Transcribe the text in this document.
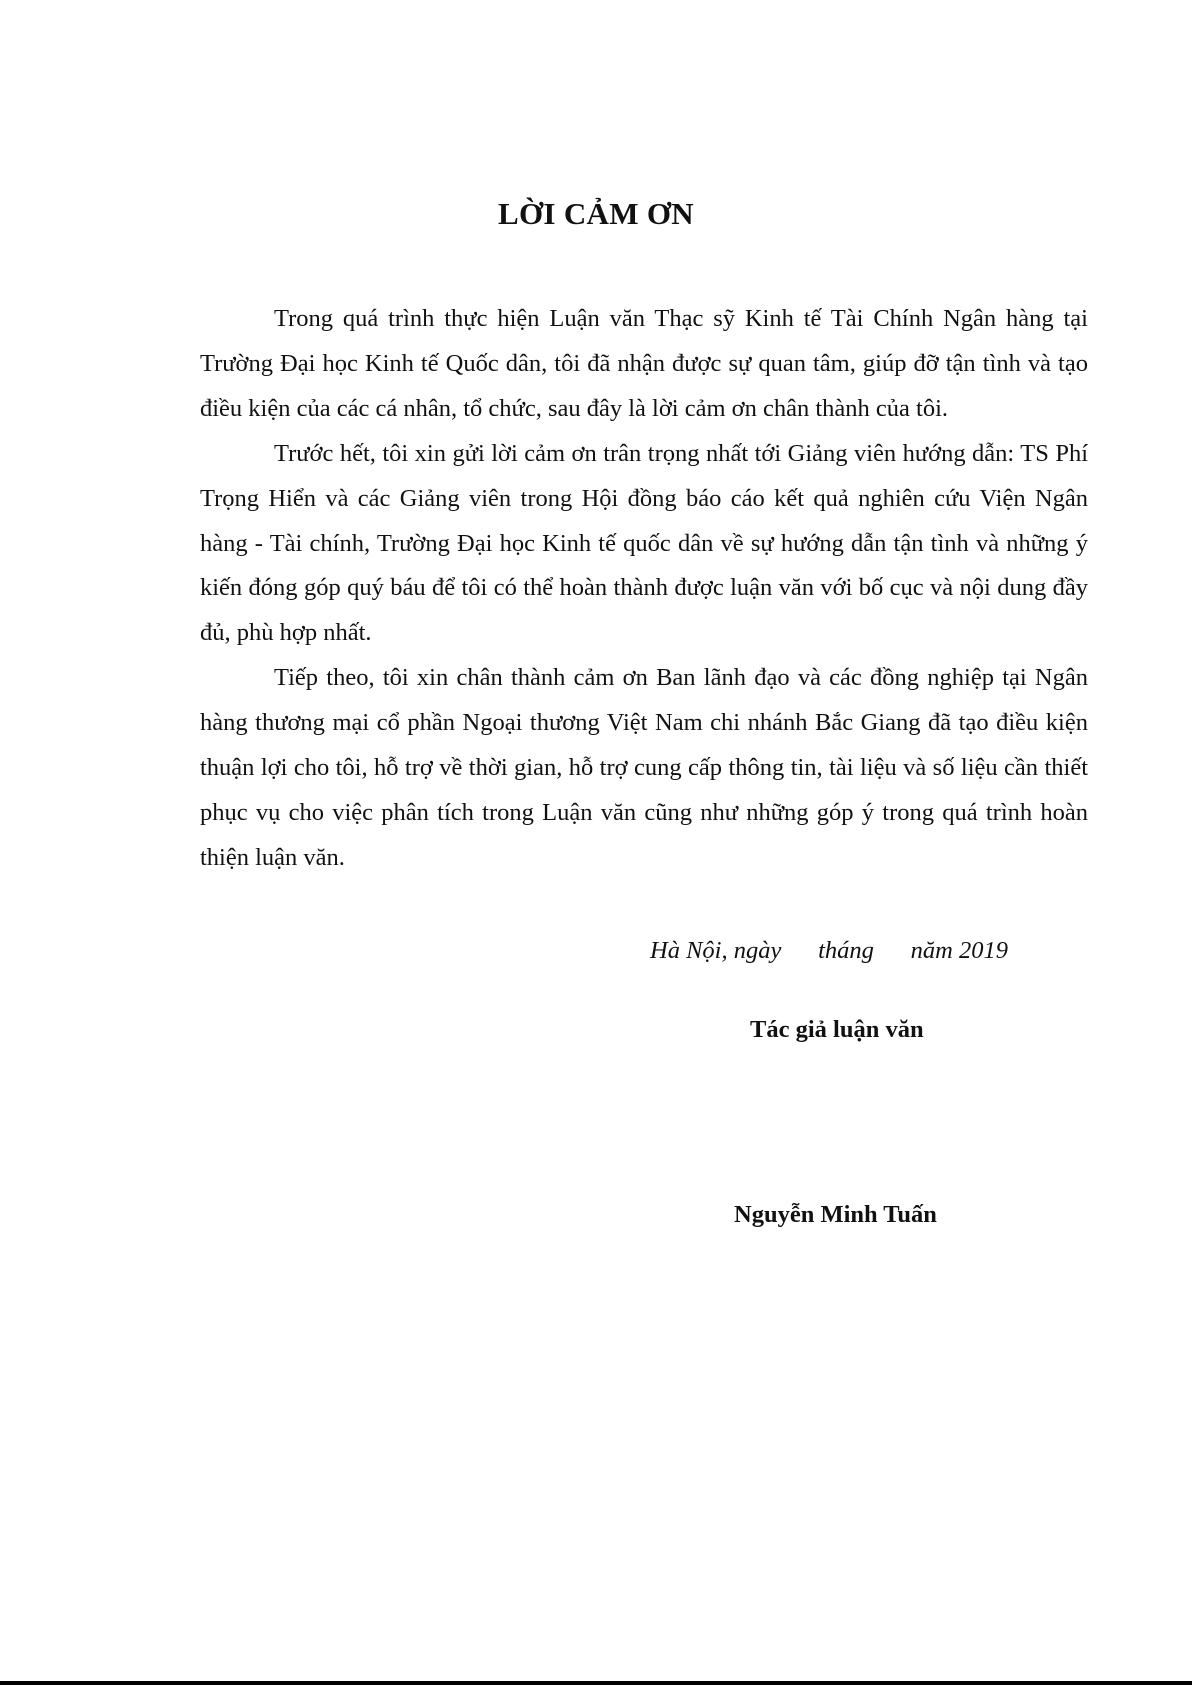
LỜI CẢM ƠN

Trong quá trình thực hiện Luận văn Thạc sỹ Kinh tế Tài Chính Ngân hàng tại Trường Đại học Kinh tế Quốc dân, tôi đã nhận được sự quan tâm, giúp đỡ tận tình và tạo điều kiện của các cá nhân, tổ chức, sau đây là lời cảm ơn chân thành của tôi.

Trước hết, tôi xin gửi lời cảm ơn trân trọng nhất tới Giảng viên hướng dẫn: TS Phí Trọng Hiển và các Giảng viên trong Hội đồng báo cáo kết quả nghiên cứu Viện Ngân hàng - Tài chính, Trường Đại học Kinh tế quốc dân về sự hướng dẫn tận tình và những ý kiến đóng góp quý báu để tôi có thể hoàn thành được luận văn với bố cục và nội dung đầy đủ, phù hợp nhất.

Tiếp theo, tôi xin chân thành cảm ơn Ban lãnh đạo và các đồng nghiệp tại Ngân hàng thương mại cổ phần Ngoại thương Việt Nam chi nhánh Bắc Giang đã tạo điều kiện thuận lợi cho tôi, hỗ trợ về thời gian, hỗ trợ cung cấp thông tin, tài liệu và số liệu cần thiết phục vụ cho việc phân tích trong Luận văn cũng như những góp ý trong quá trình hoàn thiện luận văn.

Hà Nội, ngày      tháng      năm 2019
Tác giả luận văn
Nguyễn Minh Tuấn
